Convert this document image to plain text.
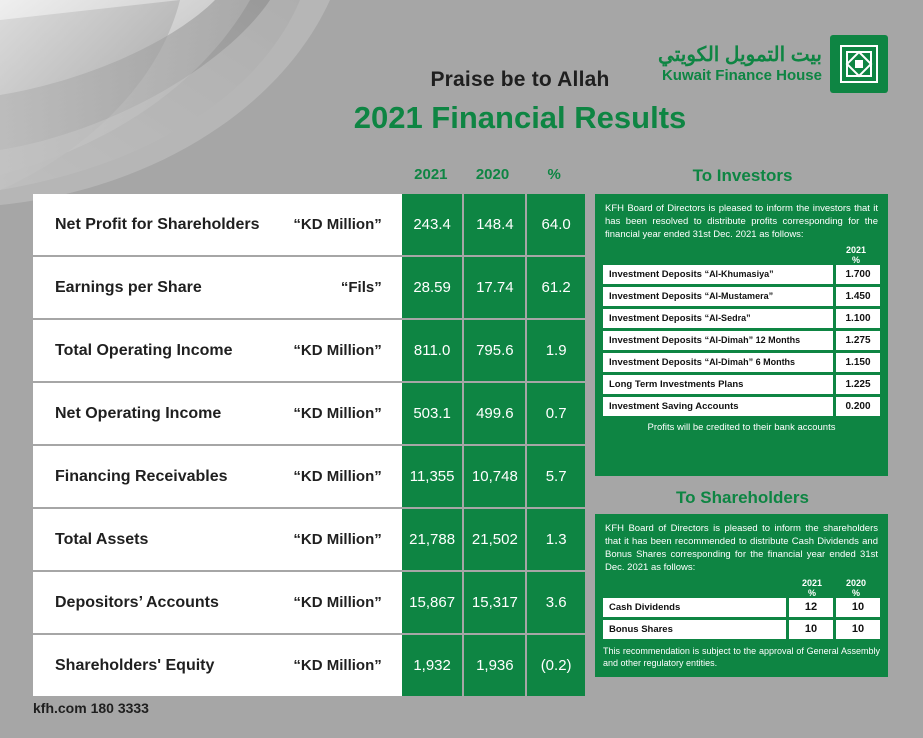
Praise be to Allah
2021 Financial Results
بيت التمويل الكويتي
Kuwait Finance House
2021	2020	%
Net Profit for Shareholders	“KD Million”	243.4	148.4	64.0
Earnings per Share	“Fils”	28.59	17.74	61.2
Total Operating Income	“KD Million”	811.0	795.6	1.9
Net Operating Income	“KD Million”	503.1	499.6	0.7
Financing Receivables	“KD Million”	11,355	10,748	5.7
Total Assets	“KD Million”	21,788	21,502	1.3
Depositors’ Accounts	“KD Million”	15,867	15,317	3.6
Shareholders' Equity	“KD Million”	1,932	1,936	(0.2)
To Investors
KFH Board of Directors is pleased to inform the investors that it has been resolved to distribute profits corresponding for the financial year ended 31st Dec. 2021 as follows:
2021
%
Investment Deposits “Al-Khumasiya”	1.700
Investment Deposits “Al-Mustamera”	1.450
Investment Deposits “Al-Sedra”	1.100
Investment Deposits “Al-Dimah” 12 Months	1.275
Investment Deposits “Al-Dimah” 6 Months	1.150
Long Term Investments Plans	1.225
Investment Saving Accounts	0.200
Profits will be credited to their bank accounts
To Shareholders
KFH Board of Directors is pleased to inform the shareholders that it has been recommended to distribute Cash Dividends and Bonus Shares corresponding for the financial year ended 31st Dec. 2021 as follows:
2021
%
2020
%
Cash Dividends	12	10
Bonus Shares	10	10
This recommendation is subject to the approval of General Assembly and other regulatory entities.
kfh.com 180 3333
